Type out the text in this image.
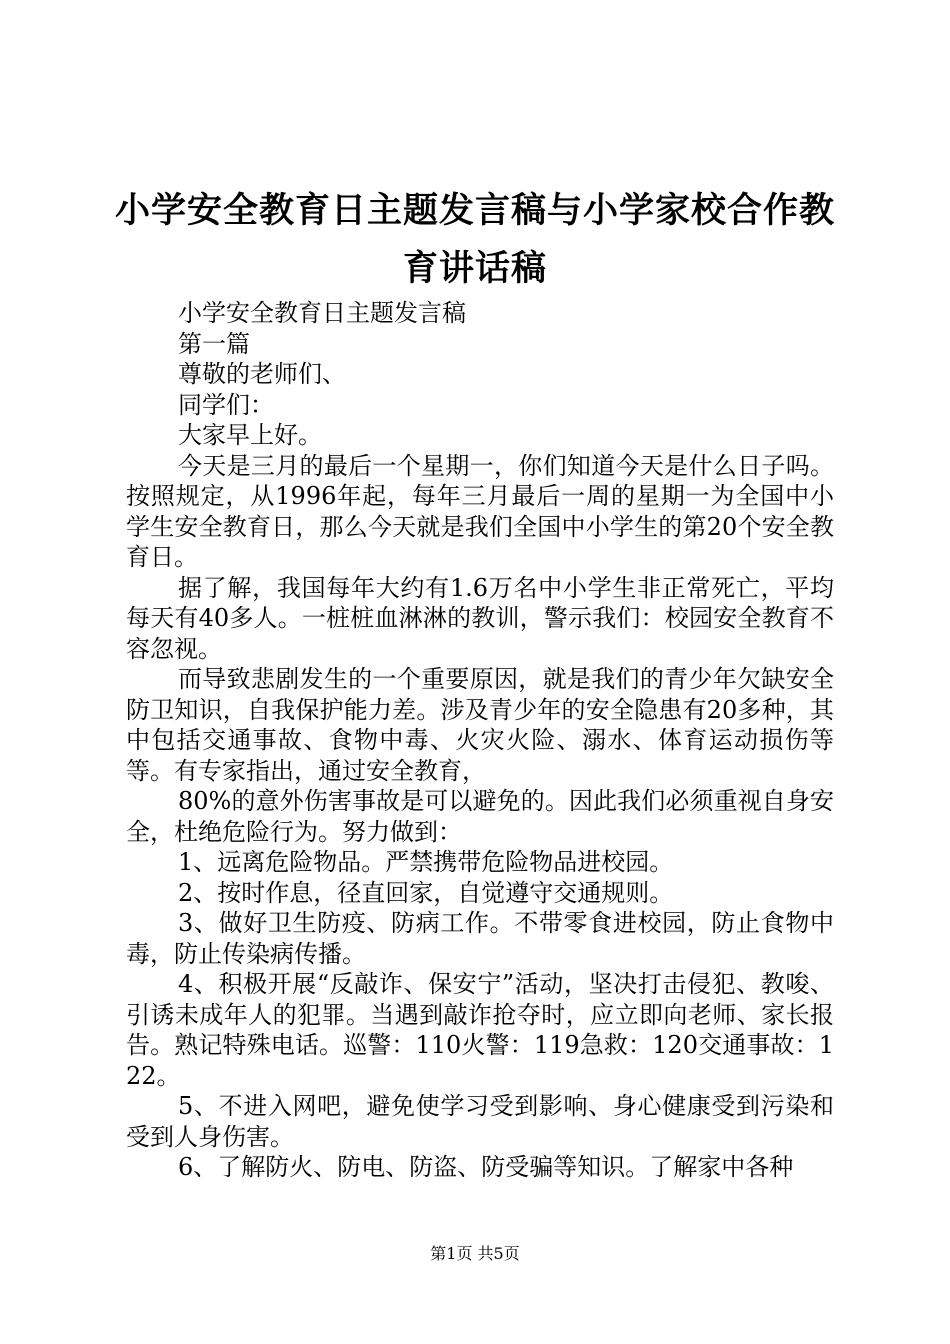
小学安全教育日主题发言稿与小学家校合作教育讲话稿

小学安全教育日主题发言稿

第一篇

尊敬的老师们、

同学们：

大家早上好。

今天是三月的最后一个星期一，你们知道今天是什么日子吗。按照规定，从1996年起，每年三月最后一周的星期一为全国中小学生安全教育日，那么今天就是我们全国中小学生的第20个安全教育日。

据了解，我国每年大约有1.6万名中小学生非正常死亡，平均每天有40多人。一桩桩血淋淋的教训，警示我们：校园安全教育不容忽视。

而导致悲剧发生的一个重要原因，就是我们的青少年欠缺安全防卫知识，自我保护能力差。涉及青少年的安全隐患有20多种，其中包括交通事故、食物中毒、火灾火险、溺水、体育运动损伤等等。有专家指出，通过安全教育，

80%的意外伤害事故是可以避免的。因此我们必须重视自身安全，杜绝危险行为。努力做到：

1、远离危险物品。严禁携带危险物品进校园。

2、按时作息，径直回家，自觉遵守交通规则。

3、做好卫生防疫、防病工作。不带零食进校园，防止食物中毒，防止传染病传播。

4、积极开展“反敲诈、保安宁”活动，坚决打击侵犯、教唆、引诱未成年人的犯罪。当遇到敲诈抢夺时，应立即向老师、家长报告。熟记特殊电话。巡警：110火警：119急救：120交通事故：122。

5、不进入网吧，避免使学习受到影响、身心健康受到污染和受到人身伤害。

6、了解防火、防电、防盗、防受骗等知识。了解家中各种

第1页 共5页
